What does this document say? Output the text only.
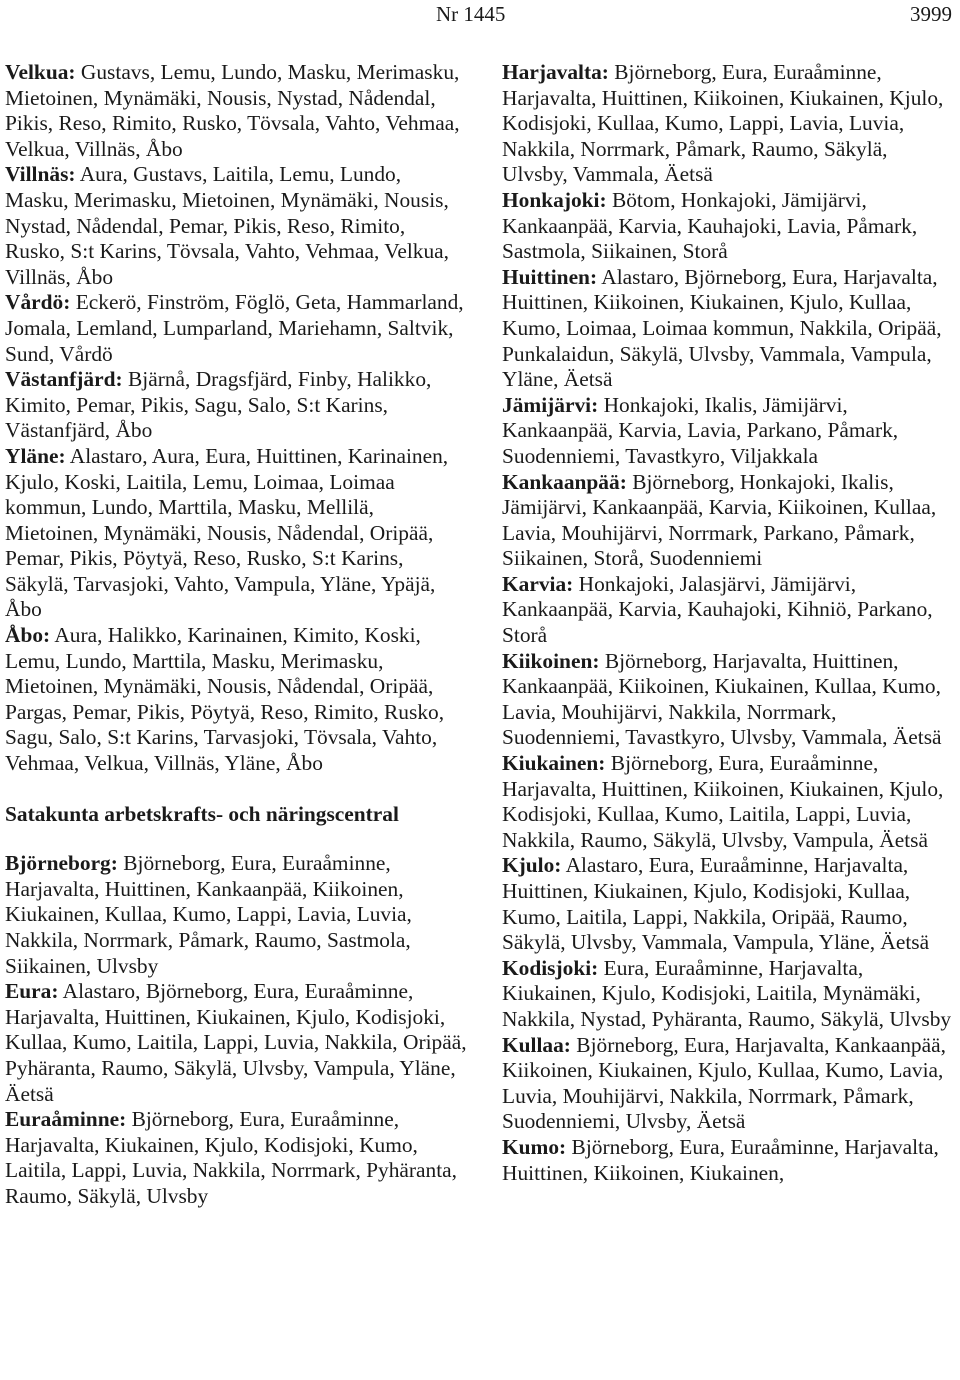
Nr 1445	3999

Velkua: Gustavs, Lemu, Lundo, Masku, Merimasku, Mietoinen, Mynämäki, Nousis, Nystad, Nådendal, Pikis, Reso, Rimito, Rusko, Tövsala, Vahto, Vehmaa, Velkua, Villnäs, Åbo

Villnäs: Aura, Gustavs, Laitila, Lemu, Lundo, Masku, Merimasku, Mietoinen, Mynämäki, Nousis, Nystad, Nådendal, Pemar, Pikis, Reso, Rimito, Rusko, S:t Karins, Tövsala, Vahto, Vehmaa, Velkua, Villnäs, Åbo

Vårdö: Eckerö, Finström, Föglö, Geta, Hammarland, Jomala, Lemland, Lumparland, Mariehamn, Saltvik, Sund, Vårdö

Västanfjärd: Bjärnå, Dragsfjärd, Finby, Halikko, Kimito, Pemar, Pikis, Sagu, Salo, S:t Karins, Västanfjärd, Åbo

Yläne: Alastaro, Aura, Eura, Huittinen, Karinainen, Kjulo, Koski, Laitila, Lemu, Loimaa, Loimaa kommun, Lundo, Marttila, Masku, Mellilä, Mietoinen, Mynämäki, Nousis, Nådendal, Oripää, Pemar, Pikis, Pöytyä, Reso, Rusko, S:t Karins, Säkylä, Tarvasjoki, Vahto, Vampula, Yläne, Ypäjä, Åbo

Åbo: Aura, Halikko, Karinainen, Kimito, Koski, Lemu, Lundo, Marttila, Masku, Merimasku, Mietoinen, Mynämäki, Nousis, Nådendal, Oripää, Pargas, Pemar, Pikis, Pöytyä, Reso, Rimito, Rusko, Sagu, Salo, S:t Karins, Tarvasjoki, Tövsala, Vahto, Vehmaa, Velkua, Villnäs, Yläne, Åbo

Satakunta arbetskrafts- och näringscentral

Björneborg: Björneborg, Eura, Euraåminne, Harjavalta, Huittinen, Kankaanpää, Kiikoinen, Kiukainen, Kullaa, Kumo, Lappi, Lavia, Luvia, Nakkila, Norrmark, Påmark, Raumo, Sastmola, Siikainen, Ulvsby

Eura: Alastaro, Björneborg, Eura, Euraåminne, Harjavalta, Huittinen, Kiukainen, Kjulo, Kodisjoki, Kullaa, Kumo, Laitila, Lappi, Luvia, Nakkila, Oripää, Pyhäranta, Raumo, Säkylä, Ulvsby, Vampula, Yläne, Äetsä

Euraåminne: Björneborg, Eura, Euraåminne, Harjavalta, Kiukainen, Kjulo, Kodisjoki, Kumo, Laitila, Lappi, Luvia, Nakkila, Norrmark, Pyhäranta, Raumo, Säkylä, Ulvsby

Harjavalta: Björneborg, Eura, Euraåminne, Harjavalta, Huittinen, Kiikoinen, Kiukainen, Kjulo, Kodisjoki, Kullaa, Kumo, Lappi, Lavia, Luvia, Nakkila, Norrmark, Påmark, Raumo, Säkylä, Ulvsby, Vammala, Äetsä

Honkajoki: Bötom, Honkajoki, Jämijärvi, Kankaanpää, Karvia, Kauhajoki, Lavia, Påmark, Sastmola, Siikainen, Storå

Huittinen: Alastaro, Björneborg, Eura, Harjavalta, Huittinen, Kiikoinen, Kiukainen, Kjulo, Kullaa, Kumo, Loimaa, Loimaa kommun, Nakkila, Oripää, Punkalaidun, Säkylä, Ulvsby, Vammala, Vampula, Yläne, Äetsä

Jämijärvi: Honkajoki, Ikalis, Jämijärvi, Kankaanpää, Karvia, Lavia, Parkano, Påmark, Suodenniemi, Tavastkyro, Viljakkala

Kankaanpää: Björneborg, Honkajoki, Ikalis, Jämijärvi, Kankaanpää, Karvia, Kiikoinen, Kullaa, Lavia, Mouhijärvi, Norrmark, Parkano, Påmark, Siikainen, Storå, Suodenniemi

Karvia: Honkajoki, Jalasjärvi, Jämijärvi, Kankaanpää, Karvia, Kauhajoki, Kihniö, Parkano, Storå

Kiikoinen: Björneborg, Harjavalta, Huittinen, Kankaanpää, Kiikoinen, Kiukainen, Kullaa, Kumo, Lavia, Mouhijärvi, Nakkila, Norrmark, Suodenniemi, Tavastkyro, Ulvsby, Vammala, Äetsä

Kiukainen: Björneborg, Eura, Euraåminne, Harjavalta, Huittinen, Kiikoinen, Kiukainen, Kjulo, Kodisjoki, Kullaa, Kumo, Laitila, Lappi, Luvia, Nakkila, Raumo, Säkylä, Ulvsby, Vampula, Äetsä

Kjulo: Alastaro, Eura, Euraåminne, Harjavalta, Huittinen, Kiukainen, Kjulo, Kodisjoki, Kullaa, Kumo, Laitila, Lappi, Nakkila, Oripää, Raumo, Säkylä, Ulvsby, Vammala, Vampula, Yläne, Äetsä

Kodisjoki: Eura, Euraåminne, Harjavalta, Kiukainen, Kjulo, Kodisjoki, Laitila, Mynämäki, Nakkila, Nystad, Pyhäranta, Raumo, Säkylä, Ulvsby

Kullaa: Björneborg, Eura, Harjavalta, Kankaanpää, Kiikoinen, Kiukainen, Kjulo, Kullaa, Kumo, Lavia, Luvia, Mouhijärvi, Nakkila, Norrmark, Påmark, Suodenniemi, Ulvsby, Äetsä

Kumo: Björneborg, Eura, Euraåminne, Harjavalta, Huittinen, Kiikoinen, Kiukainen,
